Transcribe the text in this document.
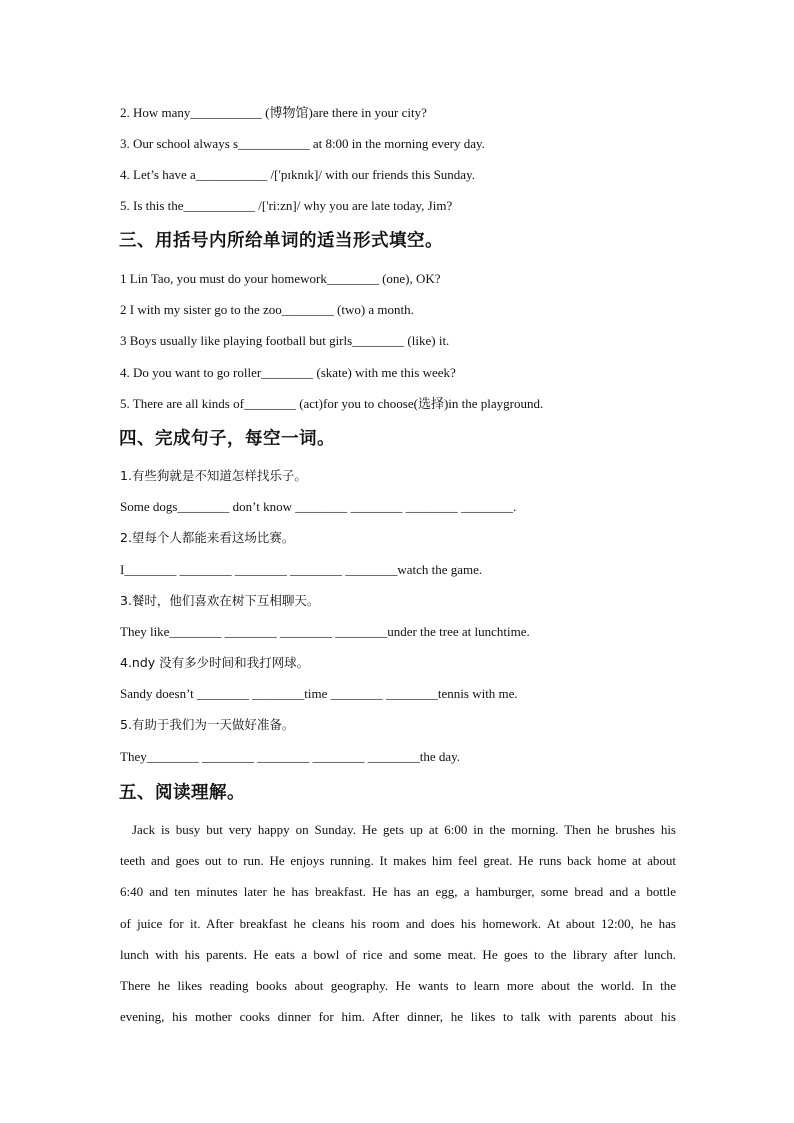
2. How many___________ (博物馆)are there in your city?
3. Our school always s___________ at 8:00 in the morning every day.
4. Let’s have a___________ /['pɪknɪk]/ with our friends this Sunday.
5. Is this the___________ /['ri:zn]/ why you are late today, Jim?
三、用括号内所给单词的适当形式填空。
1 Lin Tao, you must do your homework________ (one), OK?
2 I with my sister go to the zoo________ (two) a month.
3 Boys usually like playing football but girls________ (like) it.
4. Do you want to go roller________ (skate) with me this week?
5. There are all kinds of________ (act)for you to choose(选择)in the playground.
四、完成句子，每空一词。
1.有些狗就是不知道怎样找乐子。
Some dogs________ don’t know ________ ________ ________ ________.
2.望每个人都能来看这场比赛。
I________ ________ ________ ________ ________watch the game.
3.餐时，他们喜欢在树下互相聊天。
They like________ ________ ________ ________under the tree at lunchtime.
4.ndy 没有多少时间和我打网球。
Sandy doesn’t ________ ________time ________ ________tennis with me.
5.有助于我们为一天做好准备。
They________ ________ ________ ________ ________the day.
五、阅读理解。
Jack is busy but very happy on Sunday. He gets up at 6:00 in the morning. Then he brushes his
teeth and goes out to run. He enjoys running. It makes him feel great. He runs back home at about
6:40 and ten minutes later he has breakfast. He has an egg, a hamburger, some bread and a bottle
of juice for it. After breakfast he cleans his room and does his homework. At about 12:00, he has
lunch with his parents. He eats a bowl of rice and some meat. He goes to the library after lunch.
There he likes reading books about geography. He wants to learn more about the world. In the
evening, his mother cooks dinner for him. After dinner, he likes to talk with parents about his
